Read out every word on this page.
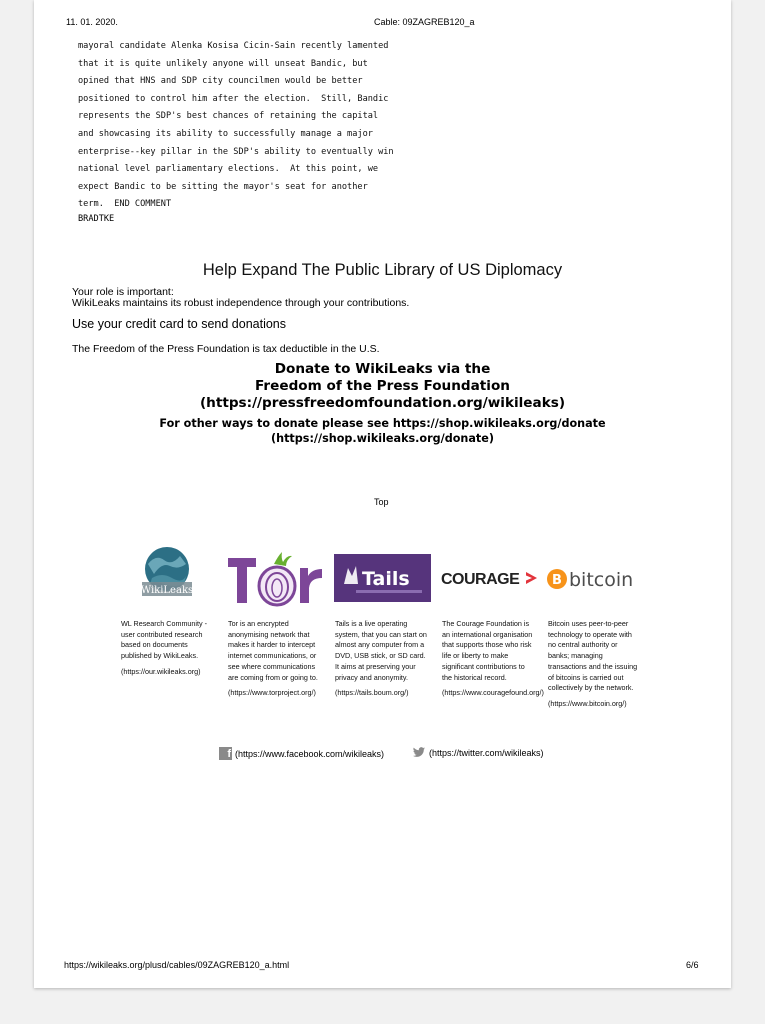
11. 01. 2020.	Cable: 09ZAGREB120_a
mayoral candidate Alenka Kosisa Cicin-Sain recently lamented
that it is quite unlikely anyone will unseat Bandic, but
opined that HNS and SDP city councilmen would be better
positioned to control him after the election.  Still, Bandic
represents the SDP's best chances of retaining the capital
and showcasing its ability to successfully manage a major
enterprise--key pillar in the SDP's ability to eventually win
national level parliamentary elections.  At this point, we
expect Bandic to be sitting the mayor's seat for another
term.  END COMMENT
BRADTKE
Help Expand The Public Library of US Diplomacy
Your role is important:
WikiLeaks maintains its robust independence through your contributions.
Use your credit card to send donations
The Freedom of the Press Foundation is tax deductible in the U.S.
Donate to WikiLeaks via the
Freedom of the Press Foundation
(https://pressfreedomfoundation.org/wikileaks)
For other ways to donate please see https://shop.wikileaks.org/donate
(https://shop.wikileaks.org/donate)
Top
WikiLeaks
Tails COURAGE	B bitcoin
WL Research Community -
user contributed research
based on documents
published by WikiLeaks.
(https://our.wikileaks.org)
Tor is an encrypted
anonymising network that
makes it harder to intercept
internet communications, or
see where communications
are coming from or going to.
(https://www.torproject.org/)
Tails is a live operating
system, that you can start on
almost any computer from a
DVD, USB stick, or SD card.
It aims at preserving your
privacy and anonymity.
(https://tails.boum.org/)
The Courage Foundation is
an international organisation
that supports those who risk
life or liberty to make
significant contributions to
the historical record.
(https://www.couragefound.org/)
Bitcoin uses peer-to-peer
technology to operate with
no central authority or
banks; managing
transactions and the issuing
of bitcoins is carried out
collectively by the network.
(https://www.bitcoin.org/)
f (https://www.facebook.com/wikileaks)	(https://twitter.com/wikileaks)
https://wikileaks.org/plusd/cables/09ZAGREB120_a.html	6/6
